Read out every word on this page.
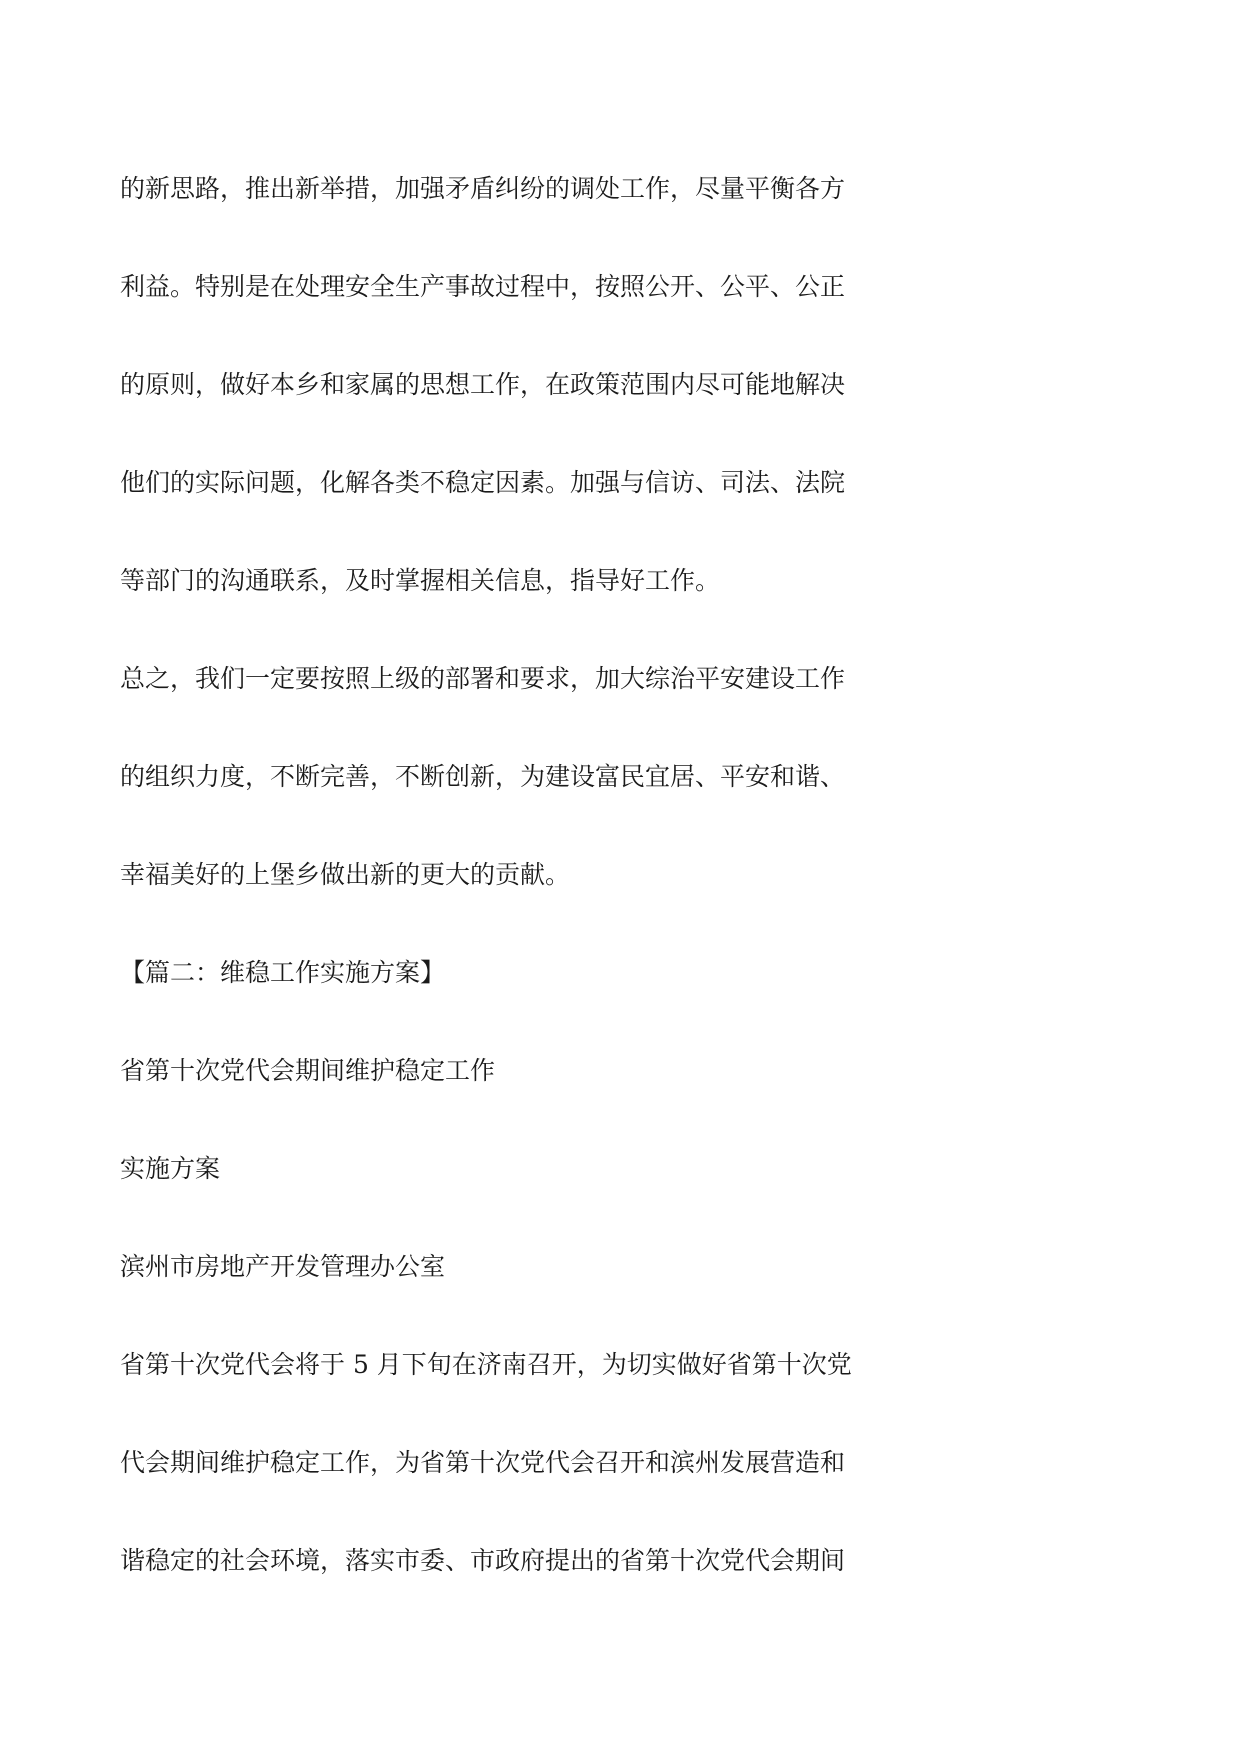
的新思路，推出新举措，加强矛盾纠纷的调处工作，尽量平衡各方

利益。特别是在处理安全生产事故过程中，按照公开、公平、公正

的原则，做好本乡和家属的思想工作，在政策范围内尽可能地解决

他们的实际问题，化解各类不稳定因素。加强与信访、司法、法院

等部门的沟通联系，及时掌握相关信息，指导好工作。

总之，我们一定要按照上级的部署和要求，加大综治平安建设工作

的组织力度，不断完善，不断创新，为建设富民宜居、平安和谐、

幸福美好的上堡乡做出新的更大的贡献。

【篇二：维稳工作实施方案】

省第十次党代会期间维护稳定工作

实施方案

滨州市房地产开发管理办公室

省第十次党代会将于 5 月下旬在济南召开，为切实做好省第十次党

代会期间维护稳定工作，为省第十次党代会召开和滨州发展营造和

谐稳定的社会环境，落实市委、市政府提出的省第十次党代会期间
